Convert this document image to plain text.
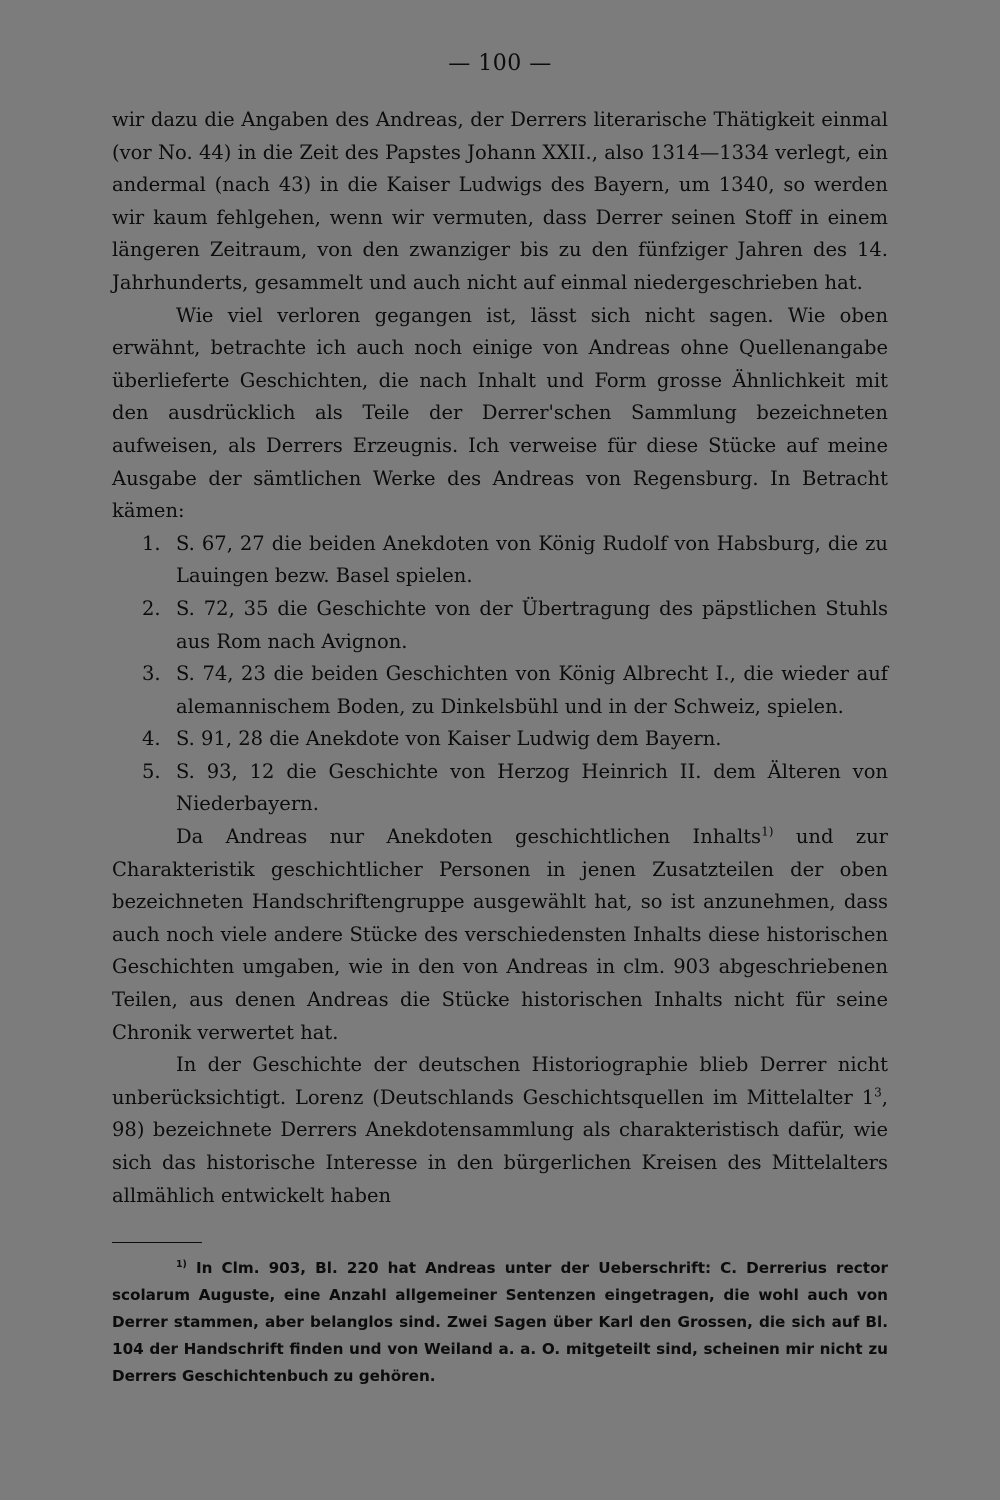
— 100 —

wir dazu die Angaben des Andreas, der Derrers literarische Thätigkeit einmal (vor No. 44) in die Zeit des Papstes Johann XXII., also 1314—1334 verlegt, ein andermal (nach 43) in die Kaiser Ludwigs des Bayern, um 1340, so werden wir kaum fehlgehen, wenn wir vermuten, dass Derrer seinen Stoff in einem längeren Zeitraum, von den zwanziger bis zu den fünfziger Jahren des 14. Jahrhunderts, gesammelt und auch nicht auf einmal niedergeschrieben hat.

Wie viel verloren gegangen ist, lässt sich nicht sagen. Wie oben erwähnt, betrachte ich auch noch einige von Andreas ohne Quellenangabe überlieferte Geschichten, die nach Inhalt und Form grosse Ähnlichkeit mit den ausdrücklich als Teile der Derrer'schen Sammlung bezeichneten aufweisen, als Derrers Erzeugnis. Ich verweise für diese Stücke auf meine Ausgabe der sämtlichen Werke des Andreas von Regensburg. In Betracht kämen:

1. S. 67, 27 die beiden Anekdoten von König Rudolf von Habsburg, die zu Lauingen bezw. Basel spielen.
2. S. 72, 35 die Geschichte von der Übertragung des päpstlichen Stuhls aus Rom nach Avignon.
3. S. 74, 23 die beiden Geschichten von König Albrecht I., die wieder auf alemannischem Boden, zu Dinkelsbühl und in der Schweiz, spielen.
4. S. 91, 28 die Anekdote von Kaiser Ludwig dem Bayern.
5. S. 93, 12 die Geschichte von Herzog Heinrich II. dem Älteren von Niederbayern.

Da Andreas nur Anekdoten geschichtlichen Inhalts$^{1)}$ und zur Charakteristik geschichtlicher Personen in jenen Zusatzteilen der oben bezeichneten Handschriftengruppe ausgewählt hat, so ist anzunehmen, dass auch noch viele andere Stücke des verschiedensten Inhalts diese historischen Geschichten umgaben, wie in den von Andreas in clm. 903 abgeschriebenen Teilen, aus denen Andreas die Stücke historischen Inhalts nicht für seine Chronik verwertet hat.

In der Geschichte der deutschen Historiographie blieb Derrer nicht unberücksichtigt. Lorenz (Deutschlands Geschichtsquellen im Mittelalter $1^3$, 98) bezeichnete Derrers Anekdotensammlung als charakteristisch dafür, wie sich das historische Interesse in den bürgerlichen Kreisen des Mittelalters allmählich entwickelt haben

$^{1)}$ In Clm. 903, Bl. 220 hat Andreas unter der Ueberschrift: C. Derrerius rector scolarum Auguste, eine Anzahl allgemeiner Sentenzen eingetragen, die wohl auch von Derrer stammen, aber belanglos sind. Zwei Sagen über Karl den Grossen, die sich auf Bl. 104 der Handschrift finden und von Weiland a. a. O. mitgeteilt sind, scheinen mir nicht zu Derrers Geschichtenbuch zu gehören.
